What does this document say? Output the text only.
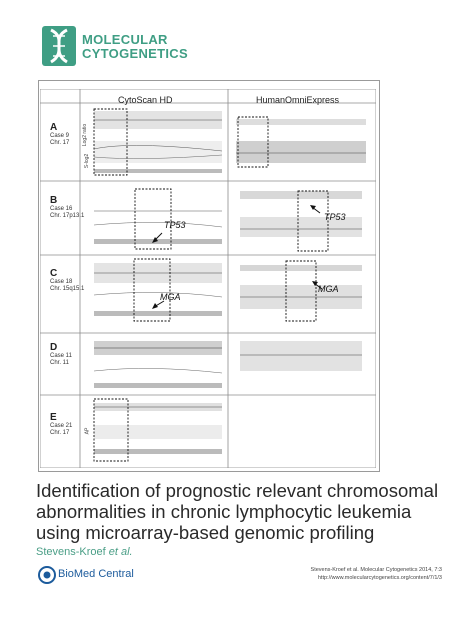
MOLECULAR
CYTOGENETICS
CytoScan HD	HumanOmniExpress
A
Case 9
Chr. 17
B
Case 16
Chr. 17p13.1
C
Case 18
Chr. 15q15.1
D
Case 11
Chr. 11
E
Case 21
Chr. 17
Log2 ratio
S-log2
AP
TP53
TP53
MGA
MGA
Identification of prognostic relevant chromosomal
abnormalities in chronic lymphocytic leukemia
using microarray-based genomic profiling
Stevens-Kroef et al.
BioMed Central	Stevens-Kroef et al. Molecular Cytogenetics 2014, 7:3
http://www.molecularcytogenetics.org/content/7/1/3
